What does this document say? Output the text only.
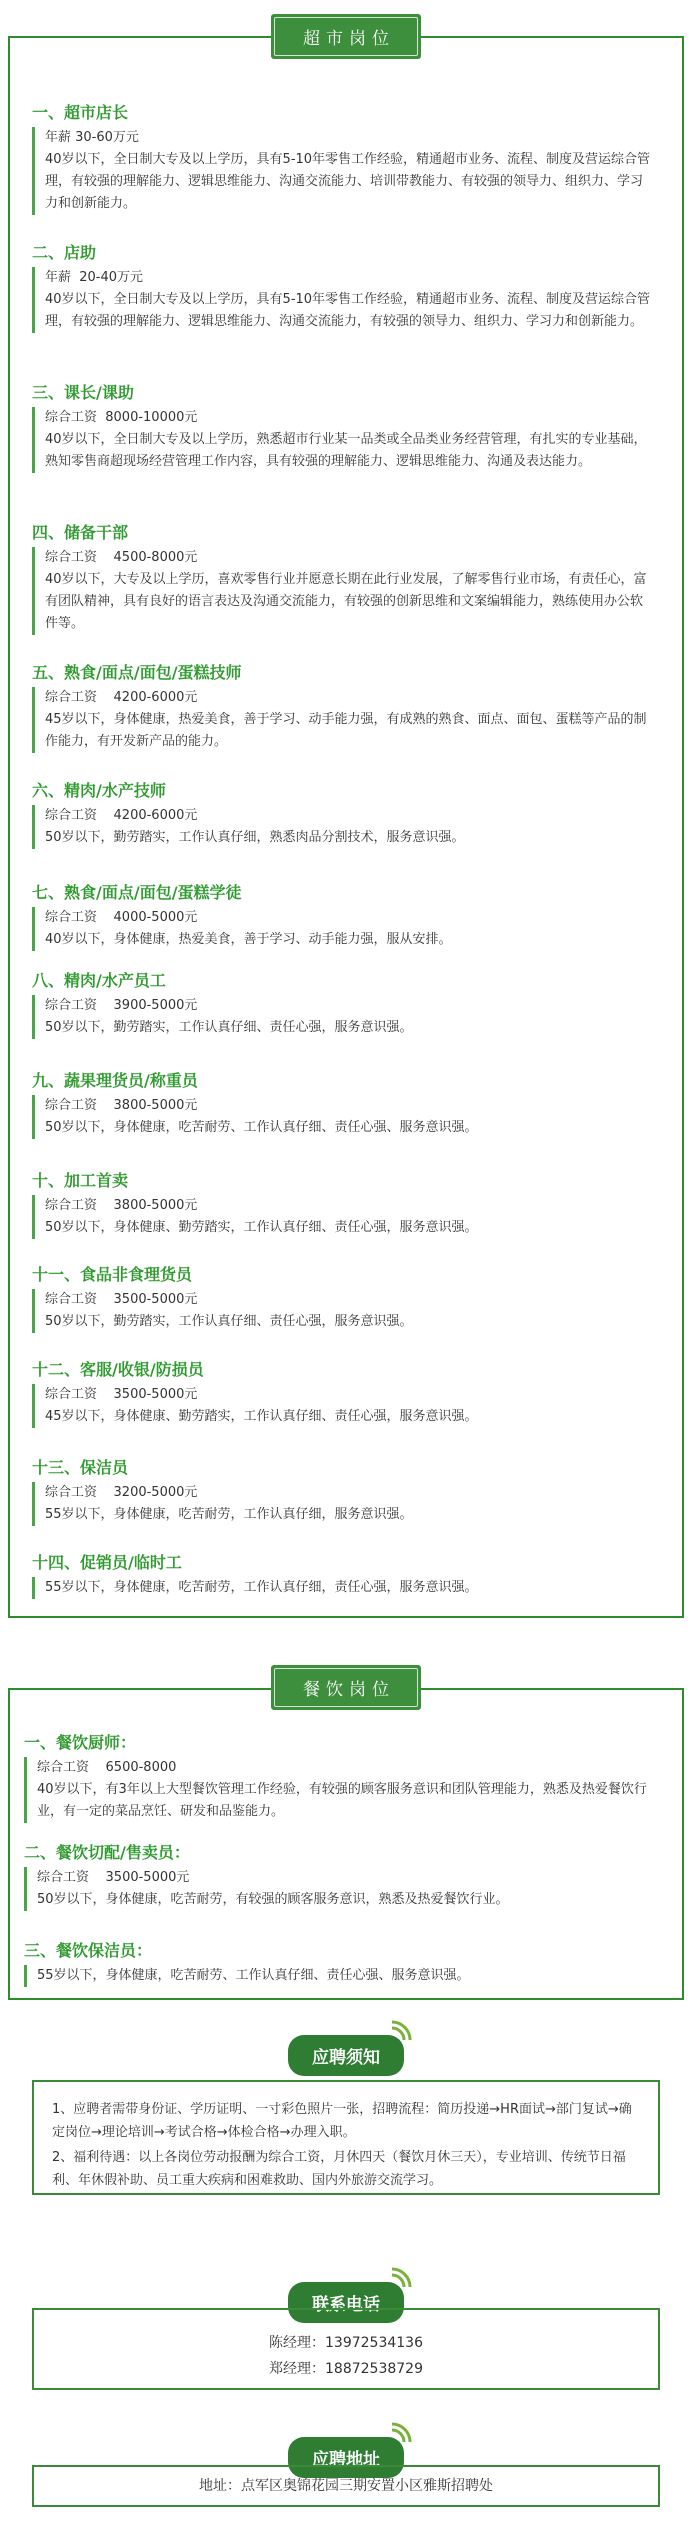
超市岗位
一、超市店长
年薪 30-60万元
40岁以下，全日制大专及以上学历，具有5-10年零售工作经验，精通超市业务、流程、制度及营运综合管理，有较强的理解能力、逻辑思维能力、沟通交流能力、培训带教能力、有较强的领导力、组织力、学习力和创新能力。
二、店助
年薪  20-40万元
40岁以下，全日制大专及以上学历，具有5-10年零售工作经验，精通超市业务、流程、制度及营运综合管理，有较强的理解能力、逻辑思维能力、沟通交流能力，有较强的领导力、组织力、学习力和创新能力。
三、课长/课助
综合工资  8000-10000元
40岁以下，全日制大专及以上学历，熟悉超市行业某一品类或全品类业务经营管理，有扎实的专业基础，熟知零售商超现场经营管理工作内容，具有较强的理解能力、逻辑思维能力、沟通及表达能力。
四、储备干部
综合工资    4500-8000元
40岁以下，大专及以上学历，喜欢零售行业并愿意长期在此行业发展，了解零售行业市场，有责任心，富有团队精神，具有良好的语言表达及沟通交流能力，有较强的创新思维和文案编辑能力，熟练使用办公软件等。
五、熟食/面点/面包/蛋糕技师
综合工资    4200-6000元
45岁以下，身体健康，热爱美食，善于学习、动手能力强，有成熟的熟食、面点、面包、蛋糕等产品的制作能力，有开发新产品的能力。
六、精肉/水产技师
综合工资    4200-6000元
50岁以下，勤劳踏实，工作认真仔细，熟悉肉品分割技术，服务意识强。
七、熟食/面点/面包/蛋糕学徒
综合工资    4000-5000元
40岁以下，身体健康，热爱美食，善于学习、动手能力强，服从安排。
八、精肉/水产员工
综合工资    3900-5000元
50岁以下，勤劳踏实，工作认真仔细、责任心强，服务意识强。
九、蔬果理货员/称重员
综合工资    3800-5000元
50岁以下，身体健康，吃苦耐劳、工作认真仔细、责任心强、服务意识强。
十、加工首卖
综合工资    3800-5000元
50岁以下，身体健康、勤劳踏实，工作认真仔细、责任心强，服务意识强。
十一、食品非食理货员
综合工资    3500-5000元
50岁以下，勤劳踏实，工作认真仔细、责任心强，服务意识强。
十二、客服/收银/防损员
综合工资    3500-5000元
45岁以下，身体健康、勤劳踏实，工作认真仔细、责任心强，服务意识强。
十三、保洁员
综合工资    3200-5000元
55岁以下，身体健康，吃苦耐劳，工作认真仔细，服务意识强。
十四、促销员/临时工
55岁以下，身体健康，吃苦耐劳，工作认真仔细，责任心强，服务意识强。
餐饮岗位
一、餐饮厨师：
综合工资    6500-8000
40岁以下，有3年以上大型餐饮管理工作经验，有较强的顾客服务意识和团队管理能力，熟悉及热爱餐饮行业，有一定的菜品烹饪、研发和品鉴能力。
二、餐饮切配/售卖员：
综合工资    3500-5000元
50岁以下，身体健康，吃苦耐劳，有较强的顾客服务意识，熟悉及热爱餐饮行业。
三、餐饮保洁员：
55岁以下，身体健康，吃苦耐劳、工作认真仔细、责任心强、服务意识强。
应聘须知
1、应聘者需带身份证、学历证明、一寸彩色照片一张，招聘流程：简历投递→HR面试→部门复试→确定岗位→理论培训→考试合格→体检合格→办理入职。
2、福利待遇：以上各岗位劳动报酬为综合工资，月休四天（餐饮月休三天），专业培训、传统节日福利、年休假补助、员工重大疾病和困难救助、国内外旅游交流学习。
联系电话
陈经理：13972534136
郑经理：18872538729
应聘地址
地址：点军区奥锦花园三期安置小区雅斯招聘处
